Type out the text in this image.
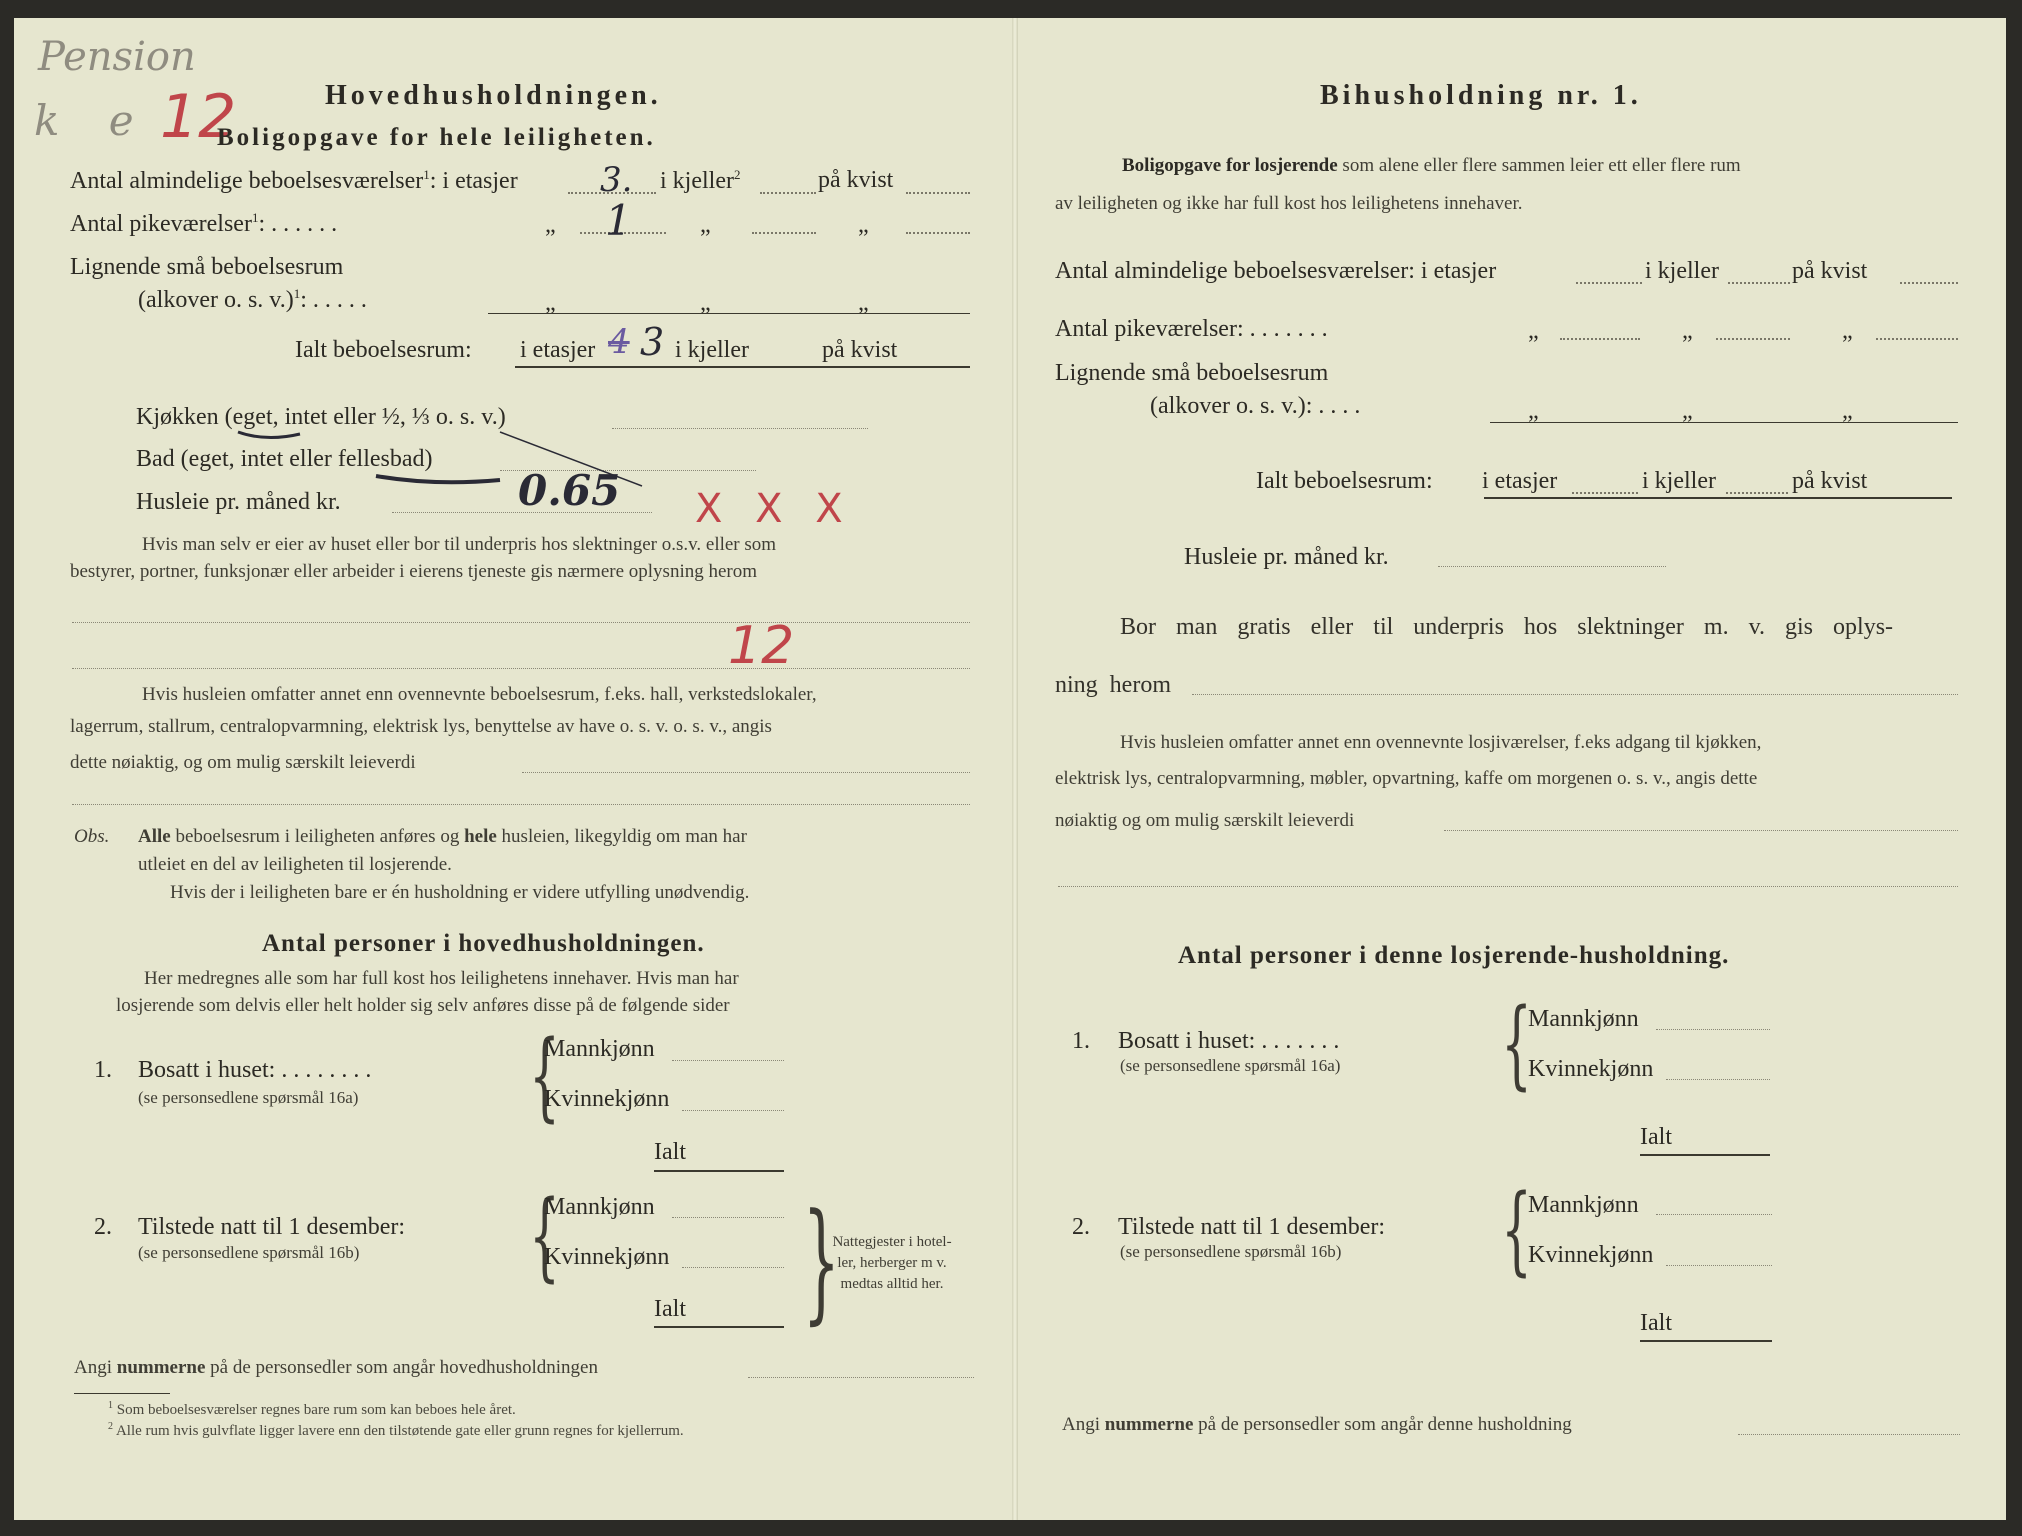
Pension
k e 12	Hovedhusholdningen.
Boligopgave for hele leiligheten.
Antal almindelige beboelsesværelser$^1$: i etasjer 3. i kjeller$^2$	på kvist
Antal pikeværelser$^1$: . . . . . .	„ 1	„	„
Lignende små beboelsesrum
(alkover o. s. v.)$^1$: . . . . .	„	„	„
Ialt beboelsesrum: i etasjer 4 3 i kjeller	på kvist
Kjøkken (eget, intet eller ½, ⅓ o. s. v.)
Bad (eget, intet eller fellesbad)
Husleie pr. måned kr.	0.65 X X X
Hvis man selv er eier av huset eller bor til underpris hos slektninger o.s.v. eller som
bestyrer, portner, funksjonær eller arbeider i eierens tjeneste gis nærmere oplysning herom
12
Hvis husleien omfatter annet enn ovennevnte beboelsesrum, f.eks. hall, verkstedslokaler,
lagerrum, stallrum, centralopvarmning, elektrisk lys, benyttelse av have o. s. v. o. s. v., angis
dette nøiaktig, og om mulig særskilt leieverdi
Obs. Alle beboelsesrum i leiligheten anføres og hele husleien, likegyldig om man har
utleiet en del av leiligheten til losjerende.
Hvis der i leiligheten bare er én husholdning er videre utfylling unødvendig.
Antal personer i hovedhusholdningen.
Her medregnes alle som har full kost hos leilighetens innehaver. Hvis man har
losjerende som delvis eller helt holder sig selv anføres disse på de følgende sider
1. Bosatt i huset: . . . . . . . .
(se personsedlene spørsmål 16a) {
Mannkjønn
Kvinnekjønn
Ialt
2. Tilstede natt til 1 desember:
(se personsedlene spørsmål 16b) {
Mannkjønn
Kvinnekjønn
Ialt }
Nattegjester i hotel-
ler, herberger m v.
medtas alltid her.
Angi nummerne på de personsedler som angår hovedhusholdningen
$^1$ Som beboelsesværelser regnes bare rum som kan beboes hele året.
$^2$ Alle rum hvis gulvflate ligger lavere enn den tilstøtende gate eller grunn regnes for kjellerrum.
Bihusholdning nr. 1.
Boligopgave for losjerende som alene eller flere sammen leier ett eller flere rum
av leiligheten og ikke har full kost hos leilighetens innehaver.
Antal almindelige beboelsesværelser: i etasjer	i kjeller	på kvist
Antal pikeværelser: . . . . . . .	„	„	„
Lignende små beboelsesrum
(alkover o. s. v.): . . . .	„	„	„
Ialt beboelsesrum: i etasjer	i kjeller	på kvist
Husleie pr. måned kr.
Bor man gratis eller til underpris hos slektninger m. v. gis oplys-
ning herom
Hvis husleien omfatter annet enn ovennevnte losjiværelser, f.eks adgang til kjøkken,
elektrisk lys, centralopvarmning, møbler, opvartning, kaffe om morgenen o. s. v., angis dette
nøiaktig og om mulig særskilt leieverdi
Antal personer i denne losjerende-husholdning.
1. Bosatt i huset: . . . . . . .
(se personsedlene spørsmål 16a) {
Mannkjønn
Kvinnekjønn
Ialt
2. Tilstede natt til 1 desember:
(se personsedlene spørsmål 16b) {
Mannkjønn
Kvinnekjønn
Ialt
Angi nummerne på de personsedler som angår denne husholdning
